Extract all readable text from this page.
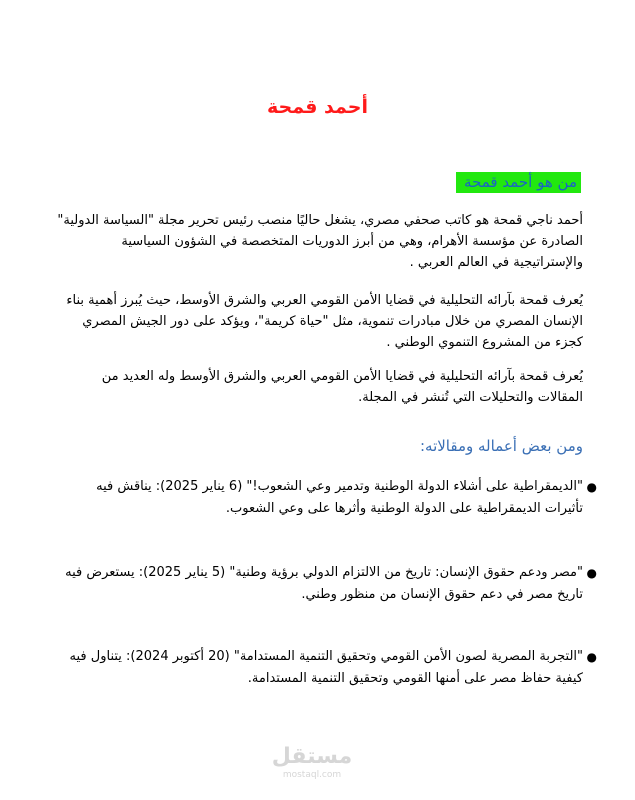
أحمد قمحة
من هو أحمد قمحة

أحمد ناجي قمحة هو كاتب صحفي مصري، يشغل حاليًا منصب رئيس تحرير مجلة "السياسة الدولية" الصادرة عن مؤسسة الأهرام، وهي من أبرز الدوريات المتخصصة في الشؤون السياسية والإستراتيجية في العالم العربي .

يُعرف قمحة بآرائه التحليلية في قضايا الأمن القومي العربي والشرق الأوسط، حيث يُبرز أهمية بناء الإنسان المصري من خلال مبادرات تنموية، مثل "حياة كريمة"، ويؤكد على دور الجيش المصري كجزء من المشروع التنموي الوطني .

يُعرف قمحة بآرائه التحليلية في قضايا الأمن القومي العربي والشرق الأوسط وله العديد من المقالات والتحليلات التي تُنشر في المجلة.

ومن بعض أعماله ومقالاته:
●
"الديمقراطية على أشلاء الدولة الوطنية وتدمير وعي الشعوب!" (6 يناير 2025): يناقش فيه تأثيرات الديمقراطية على الدولة الوطنية وأثرها على وعي الشعوب.
●
"مصر ودعم حقوق الإنسان: تاريخ من الالتزام الدولي برؤية وطنية" (5 يناير 2025): يستعرض فيه تاريخ مصر في دعم حقوق الإنسان من منظور وطني.
●
"التجربة المصرية لصون الأمن القومي وتحقيق التنمية المستدامة" (20 أكتوبر 2024): يتناول فيه كيفية حفاظ مصر على أمنها القومي وتحقيق التنمية المستدامة.
مستقل
mostaql.com
